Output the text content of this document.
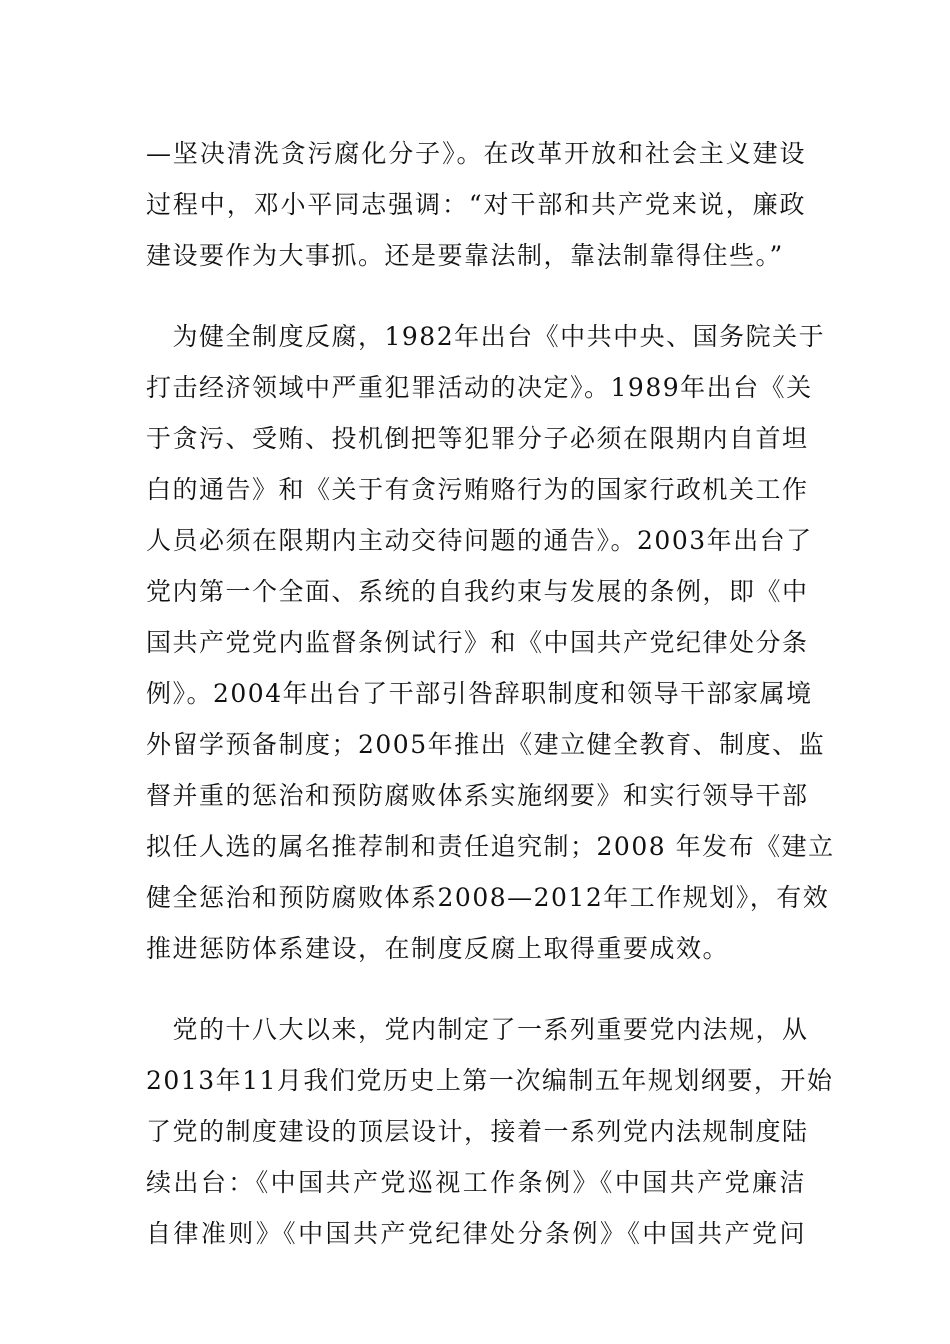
—坚决清洗贪污腐化分子》。在改革开放和社会主义建设
过程中，邓小平同志强调：“对干部和共产党来说，廉政
建设要作为大事抓。还是要靠法制，靠法制靠得住些。”
　为健全制度反腐，1982年出台《中共中央、国务院关于
打击经济领域中严重犯罪活动的决定》。1989年出台《关
于贪污、受贿、投机倒把等犯罪分子必须在限期内自首坦
白的通告》和《关于有贪污贿赂行为的国家行政机关工作
人员必须在限期内主动交待问题的通告》。2003年出台了
党内第一个全面、系统的自我约束与发展的条例，即《中
国共产党党内监督条例试行》和《中国共产党纪律处分条
例》。2004年出台了干部引咎辞职制度和领导干部家属境
外留学预备制度；2005年推出《建立健全教育、制度、监
督并重的惩治和预防腐败体系实施纲要》和实行领导干部
拟任人选的属名推荐制和责任追究制；2008 年发布《建立
健全惩治和预防腐败体系2008—2012年工作规划》，有效
推进惩防体系建设，在制度反腐上取得重要成效。
　党的十八大以来，党内制定了一系列重要党内法规，从
2013年11月我们党历史上第一次编制五年规划纲要，开始
了党的制度建设的顶层设计，接着一系列党内法规制度陆
续出台：《中国共产党巡视工作条例》《中国共产党廉洁
自律准则》《中国共产党纪律处分条例》《中国共产党问
